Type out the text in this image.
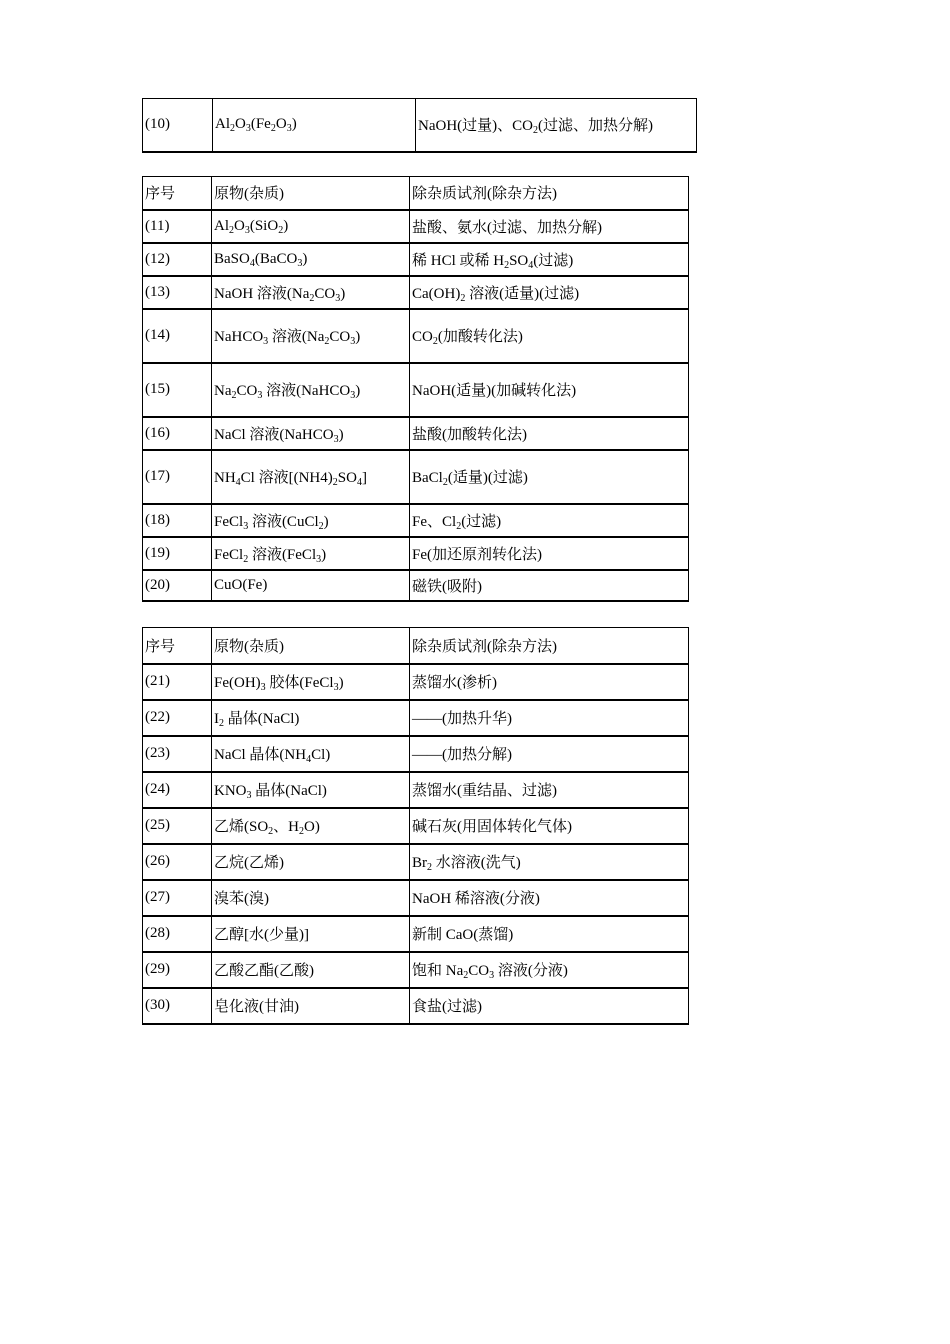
(10)	$Al_2O_3(Fe_2O_3)$	NaOH(过量)、$CO_2$(过滤、加热分解)
序号	原物(杂质)	除杂质试剂(除杂方法)
(11)	$Al_2O_3(SiO_2)$	盐酸、氨水(过滤、加热分解)
(12)	BaSO$_4$(BaCO$_3$)	稀 HCl 或稀 $H_2SO_4$(过滤)
(13)	NaOH 溶液$(Na_2CO_3)$	$Ca(OH)_2$ 溶液(适量)(过滤)
(14)	NaHCO$_3$ 溶液$(Na_2CO_3)$	$CO_2$(加酸转化法)
(15)	$Na_2CO_3$ 溶液(NaHCO$_3$)	NaOH(适量)(加碱转化法)
(16)	NaCl 溶液(NaHCO$_3$)	盐酸(加酸转化法)
(17)	$NH_4Cl$ 溶液$[(NH4)_2SO_4]$	BaCl$_2$(适量)(过滤)
(18)	FeCl$_3$ 溶液(CuCl$_2$)	Fe、$Cl_2$(过滤)
(19)	FeCl$_2$ 溶液(FeCl$_3$)	Fe(加还原剂转化法)
(20)	CuO(Fe)	磁铁(吸附)
序号	原物(杂质)	除杂质试剂(除杂方法)
(21)	$Fe(OH)_3$ 胶体(FeCl$_3$)	蒸馏水(渗析)
(22)	$I_2$ 晶体(NaCl)	——(加热升华)
(23)	NaCl 晶体$(NH_4Cl)$	——(加热分解)
(24)	$KNO_3$ 晶体(NaCl)	蒸馏水(重结晶、过滤)
(25)	乙烯($SO_2$、$H_2O$)	碱石灰(用固体转化气体)
(26)	乙烷(乙烯)	$Br_2$ 水溶液(洗气)
(27)	溴苯(溴)	NaOH 稀溶液(分液)
(28)	乙醇[水(少量)]	新制 CaO(蒸馏)
(29)	乙酸乙酯(乙酸)	饱和 $Na_2CO_3$ 溶液(分液)
(30)	皂化液(甘油)	食盐(过滤)
